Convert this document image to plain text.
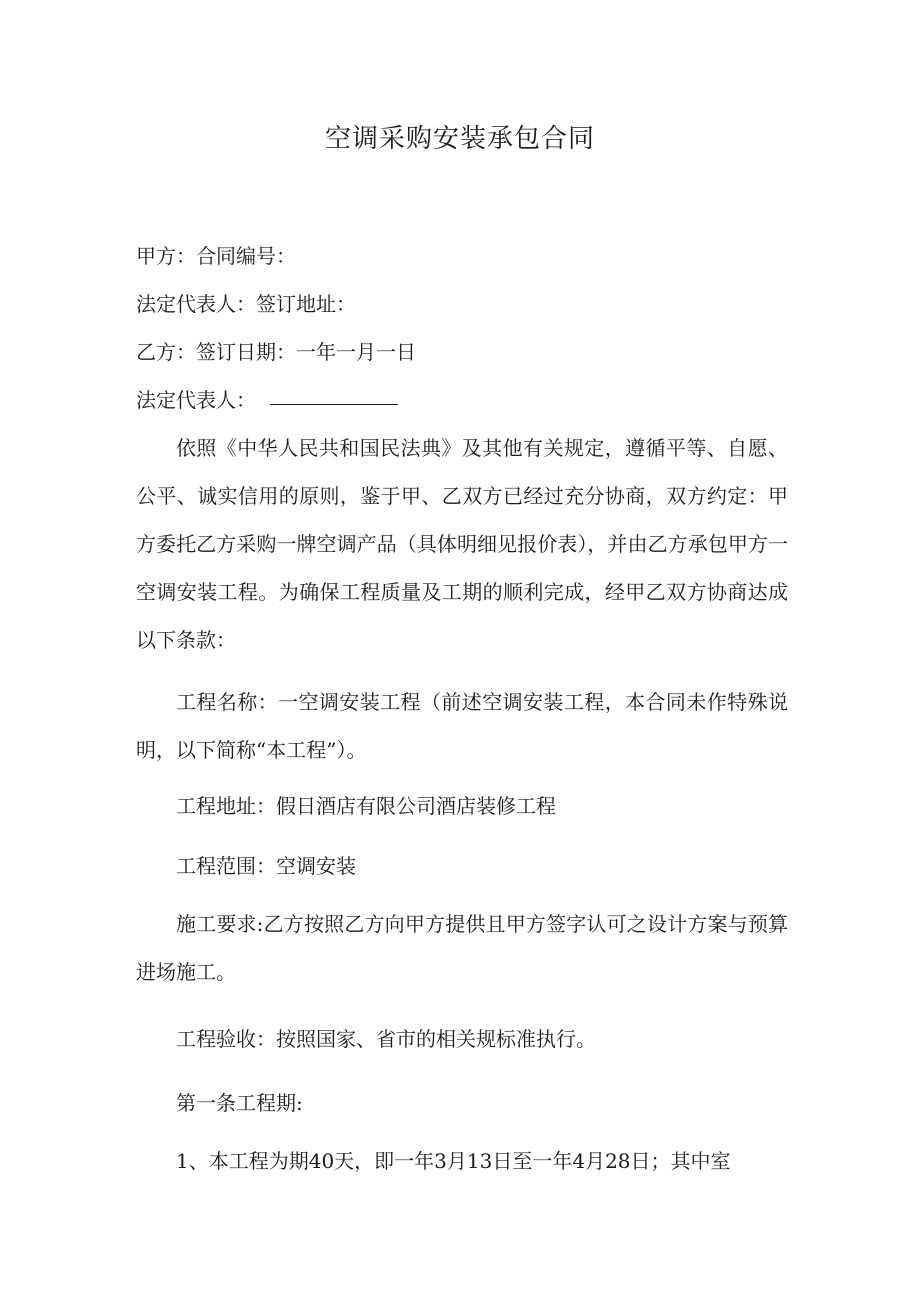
空调采购安装承包合同

甲方：合同编号：

法定代表人：签订地址：

乙方：签订日期：一年一月一日

法定代表人：

依照《中华人民共和国民法典》及其他有关规定，遵循平等、自愿、公平、诚实信用的原则，鉴于甲、乙双方已经过充分协商，双方约定：甲方委托乙方采购一牌空调产品（具体明细见报价表），并由乙方承包甲方一空调安装工程。为确保工程质量及工期的顺利完成，经甲乙双方协商达成以下条款：

工程名称：一空调安装工程（前述空调安装工程，本合同未作特殊说明，以下简称“本工程”）。

工程地址：假日酒店有限公司酒店装修工程

工程范围：空调安装

施工要求:乙方按照乙方向甲方提供且甲方签字认可之设计方案与预算进场施工。

工程验收：按照国家、省市的相关规标准执行。

第一条工程期:

1、本工程为期40天，即一年3月13日至一年4月28日；其中室
